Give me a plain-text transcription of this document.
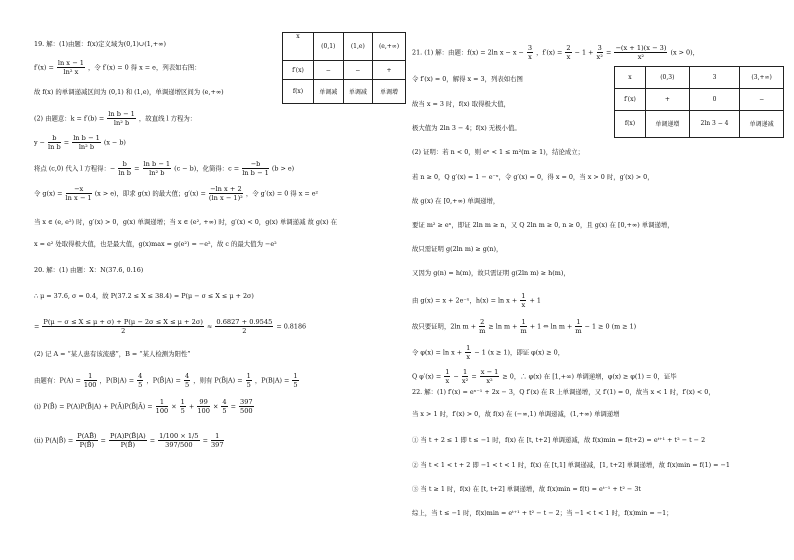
19. 解：(1)由题：f(x)定义域为(0,1)∪(1,+∞)
$f'(x) = \frac{\text{ln x − 1}}{\text{ln² x}}$ ，令 f′(x) = 0 得 x = e，列表如右图：
故 f(x) 的单调递减区间为 (0,1) 和 (1,e)，单调递增区间为 (e,+∞)
(2) 由题意：$k = f'(b) = \frac{\text{ln b − 1}}{\text{ln² b}}$ ，故直线 l 方程为：
$y - \frac{b}{\text{ln b}} = \frac{\text{ln b − 1}}{\text{ln² b}} (x - b)$
将点 (c,0) 代入 l 方程得：− $\frac{b}{\text{ln b}} = \frac{\text{ln b − 1}}{\text{ln² b}} (c - b)$，化简得：$c = \frac{-b}{\text{ln b − 1}} (b > e)$
令 $g(x) = \frac{-x}{\text{ln x − 1}} (x > e)$，即求 g(x) 的最大值；$g'(x) = \frac{\text{−ln x + 2}}{\text{(ln x − 1)²}}$ ，令 g′(x) = 0 得 x = e²
当 x ∈ (e, e²) 时，g′(x) > 0，g(x) 单调递增；当 x ∈ (e², +∞) 时，g′(x) < 0，g(x) 单调递减 故 g(x) 在
x = e² 处取得极大值，也是最大值，g(x)max = g(e²) = −e²，故 c 的最大值为 −e²
x	(0,1)	(1,e)	(e,+∞)
f′(x)	−	−	+
f(x)	单调减	单调减	单调增
20. 解：(1) 由题：X：N(37.6, 0.16)
∴ μ = 37.6, σ = 0.4，故 P(37.2 ≤ X ≤ 38.4) = P(μ − σ ≤ X ≤ μ + 2σ)
= $\frac{P(\mu - \sigma \le X \le \mu + \sigma) + P(\mu - 2\sigma \le X \le \mu + 2\sigma)}{2} \approx \frac{0.6827 + 0.9545}{2} = 0.8186$
(2) 记 A = “某人患有该流感”，B = “某人检测为阳性”
由题有：$P(A) = \frac{1}{100}$ ，$P(B|A) = \frac{4}{5}$ ，P(B̄|A) = $\frac{4}{5}$ ，则有 P(B̄|A) = $\frac{1}{5}$ ，$P(B|A) = \frac{1}{5}$
(i) P(B̄) = P(A)P(B̄|A) + P(Ā)P(B̄|Ā) = $\frac{1}{100} \times \frac{1}{5} + \frac{99}{100} \times \frac{4}{5} = \frac{397}{500}$
(ii) P(A|B̄) = $\frac{P(AB̄)}{P(B̄)} = \frac{P(A)P(B̄|A)}{P(B̄)} = \frac{1/100 \times 1/5}{397/500} = \frac{1}{397}$
21. (1) 解：由题：f(x) = 2ln $x - x - \frac{3}{x}$ ，$f'(x) = \frac{2}{x} - 1 + \frac{3}{\text{x²}} = \frac{-(x + 1)(x - 3)}{\text{x²}} (x > 0)$，
令 f′(x) = 0，解得 x = 3，列表如右图
故当 x = 3 时，f(x) 取得极大值，
极大值为 2ln 3 − 4；f(x) 无极小值。
(2) 证明：若 n < 0，则 eⁿ < 1 ≤ m²(m ≥ 1)，结论成立；
若 n ≥ 0，Q g′(x) = 1 − e⁻ˣ，令 g′(x) = 0，得 x = 0，当 x > 0 时，g′(x) > 0，
故 g(x) 在 [0,+∞) 单调递增，
要证 m² ≥ eⁿ，即证 2ln m ≥ n，又 Q 2ln m ≥ 0, n ≥ 0，且 g(x) 在 [0,+∞) 单调递增，
故只需证明 g(2ln m) ≥ g(n)，
又因为 g(n) = h(m)，故只需证明 g(2ln m) ≥ h(m)，
由 g(x) = x + 2e⁻ˣ，$h(x) = \ln x + \frac{1}{x} + 1$
故只要证明，2ln $m + \frac{2}{m} \ge \ln m + \frac{1}{m} + 1$ ⇔ $\ln m + \frac{1}{m} - 1 \ge 0$ (m ≥ 1)
令 $\varphi(x) = \ln x + \frac{1}{x} - 1$ (x ≥ 1)，即证 φ(x) ≥ 0，
Q $\varphi'(x) = \frac{1}{x} - \frac{1}{\text{x²}} = \frac{x - 1}{\text{x²}} \ge 0$，∴ φ(x) 在 [1,+∞) 单调递增，φ(x) ≥ φ(1) = 0，证毕
22. 解：(1) f′(x) = eˣ⁻¹ + 2x − 3，Q f′(x) 在 R 上单调递增，又 f′(1) = 0，故当 x < 1 时，f′(x) < 0，
当 x > 1 时，f′(x) > 0，故 f(x) 在 (−∞,1) 单调递减，(1,+∞) 单调递增
① 当 t + 2 ≤ 1 即 t ≤ −1 时，f(x) 在 [t, t+2] 单调递减，故 f(x)min = f(t+2) = eᵗ⁺¹ + t² − t − 2
② 当 t < 1 < t + 2 即 −1 < t < 1 时，f(x) 在 [t,1] 单调递减，[1, t+2] 单调递增，故 f(x)min = f(1) = −1
③ 当 t ≥ 1 时，f(x) 在 [t, t+2] 单调递增，故 f(x)min = f(t) = eᵗ⁻¹ + t² − 3t
综上，当 t ≤ −1 时，f(x)min = eᵗ⁺¹ + t² − t − 2；当 −1 < t < 1 时，f(x)min = −1；
x	(0,3)	3	(3,+∞)
f′(x)	+	0	−
f(x)	单调递增	2ln 3 − 4	单调递减
